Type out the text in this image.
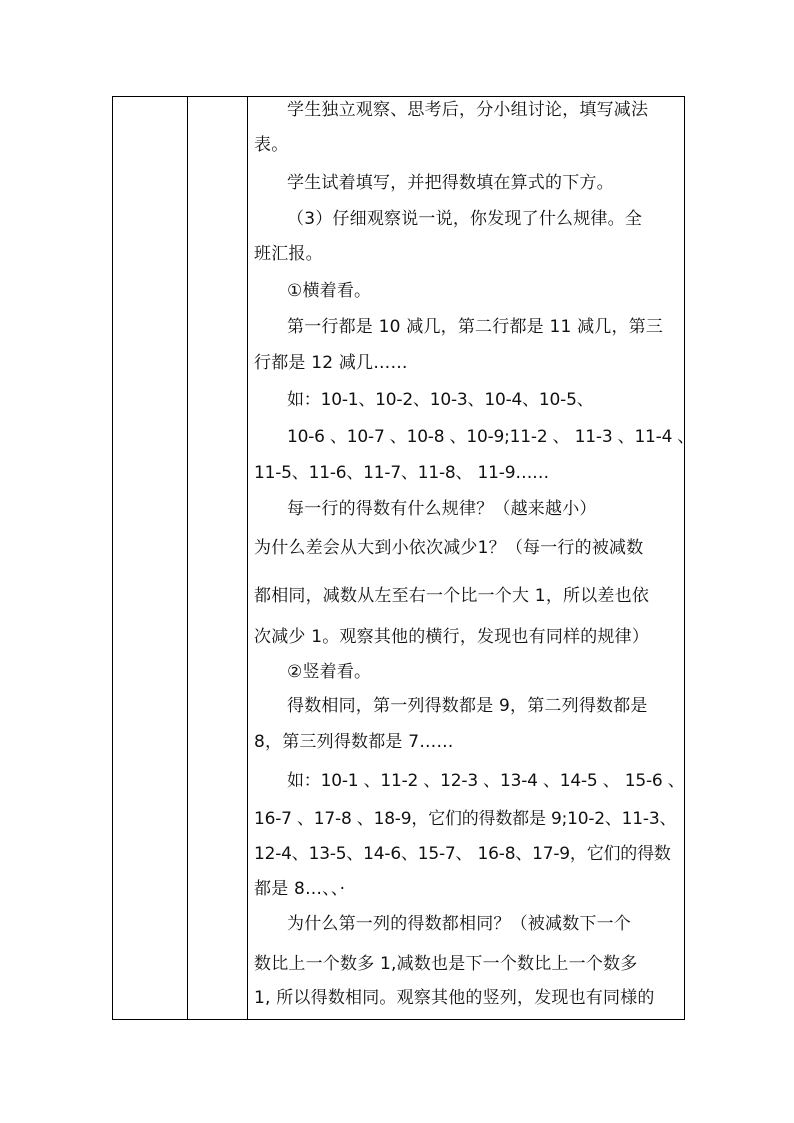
学生独立观察、思考后，分小组讨论，填写减法
表。
学生试着填写，并把得数填在算式的下方。
（3）仔细观察说一说，你发现了什么规律。全
班汇报。
①横着看。
第一行都是 10 减几，第二行都是 11 减几，第三
行都是 12 减几……
如：10-1、10-2、10-3、10-4、10-5、
10-6 、10-7 、10-8 、10-9;11-2 、 11-3 、11-4 、
11-5、11-6、11-7、11-8、 11-9……
每一行的得数有什么规律？（越来越小）
为什么差会从大到小依次减少1？（每一行的被减数
都相同，减数从左至右一个比一个大 1，所以差也依
次减少 1。观察其他的横行，发现也有同样的规律）
②竖着看。
得数相同，第一列得数都是 9，第二列得数都是
8，第三列得数都是 7……
如：10-1 、11-2 、12-3 、13-4 、14-5 、 15-6 、
16-7 、17-8 、18-9，它们的得数都是 9;10-2、11-3、
12-4、13-5、14-6、15-7、 16-8、17-9，它们的得数
都是 8…、、·
为什么第一列的得数都相同？（被减数下一个
数比上一个数多 1,减数也是下一个数比上一个数多
1, 所以得数相同。观察其他的竖列，发现也有同様的
